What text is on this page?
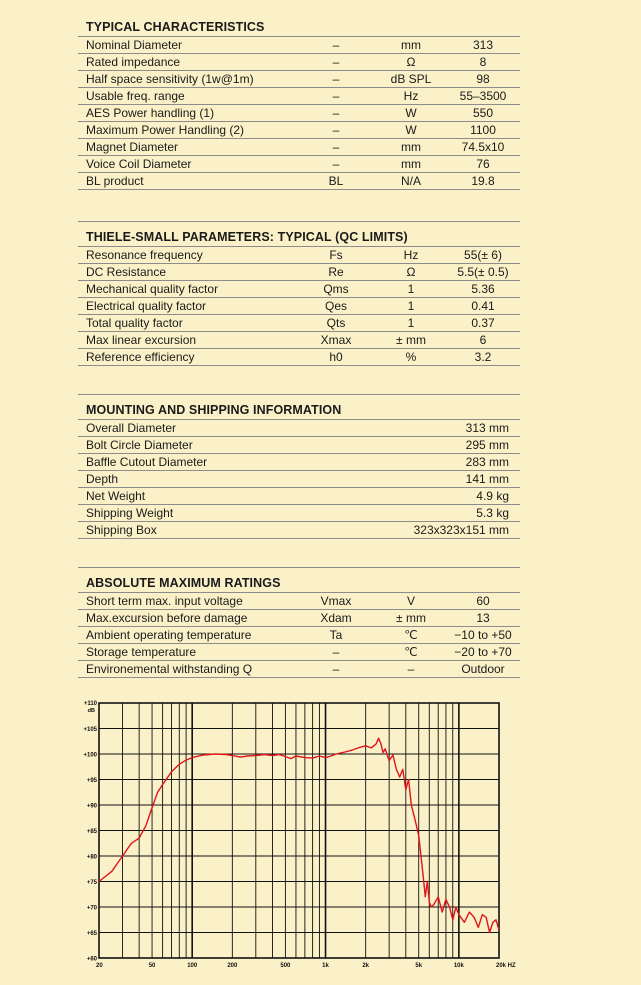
TYPICAL CHARACTERISTICS
Nominal Diameter	–	mm	313
Rated impedance	–	Ω	8
Half space sensitivity (1w@1m)	–	dB SPL	98
Usable freq. range	–	Hz	55–3500
AES Power handling (1)	–	W	550
Maximum Power Handling (2)	–	W	1100
Magnet Diameter	–	mm	74.5x10
Voice Coil Diameter	–	mm	76
BL product	BL	N/A	19.8
THIELE-SMALL PARAMETERS: TYPICAL (QC LIMITS)
Resonance frequency	Fs	Hz	55(± 6)
DC Resistance	Re	Ω	5.5(± 0.5)
Mechanical quality factor	Qms	1	5.36
Electrical quality factor	Qes	1	0.41
Total quality factor	Qts	1	0.37
Max linear excursion	Xmax	± mm	6
Reference efficiency	h0	%	3.2
MOUNTING AND SHIPPING INFORMATION
Overall Diameter	313 mm
Bolt Circle Diameter	295 mm
Baffle Cutout Diameter	283 mm
Depth	141 mm
Net Weight	4.9 kg
Shipping Weight	5.3 kg
Shipping Box	323x323x151 mm
ABSOLUTE MAXIMUM RATINGS
Short term max. input voltage	Vmax	V	60
Max.excursion before damage	Xdam	± mm	13
Ambient operating temperature	Ta	℃	−10 to +50
Storage temperature	–	℃	−20 to +70
Environemental withstanding Q	–	–	Outdoor
+60
+65
+70
+75
+80
+85
+90
+95
+100
+105
+110
dB
20	50	100	200	500	1k	2k	5k	10k	20k HZ
